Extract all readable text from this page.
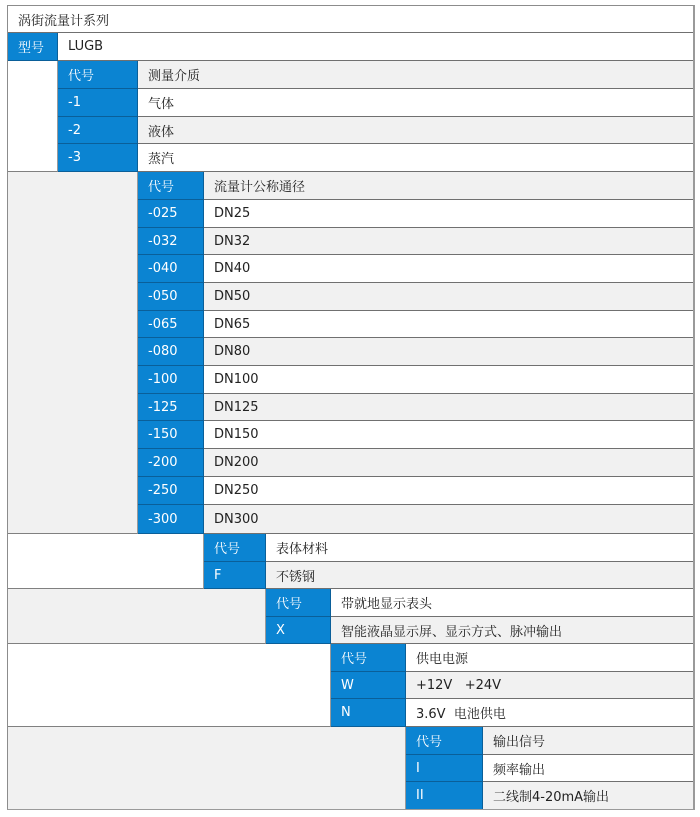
涡街流量计系列
型号	LUGB
代号	测量介质
-1	气体
-2	液体
-3	蒸汽
代号	流量计公称通径
-025	DN25
-032	DN32
-040	DN40
-050	DN50
-065	DN65
-080	DN80
-100	DN100
-125	DN125
-150	DN150
-200	DN200
-250	DN250
-300	DN300
代号	表体材料
F	不锈钢
代号	带就地显示表头
X	智能液晶显示屏、显示方式、脉冲输出
代号	供电电源
W	+12V   +24V
N	3.6V  电池供电
代号	输出信号
I	频率输出
II	二线制4-20mA输出
